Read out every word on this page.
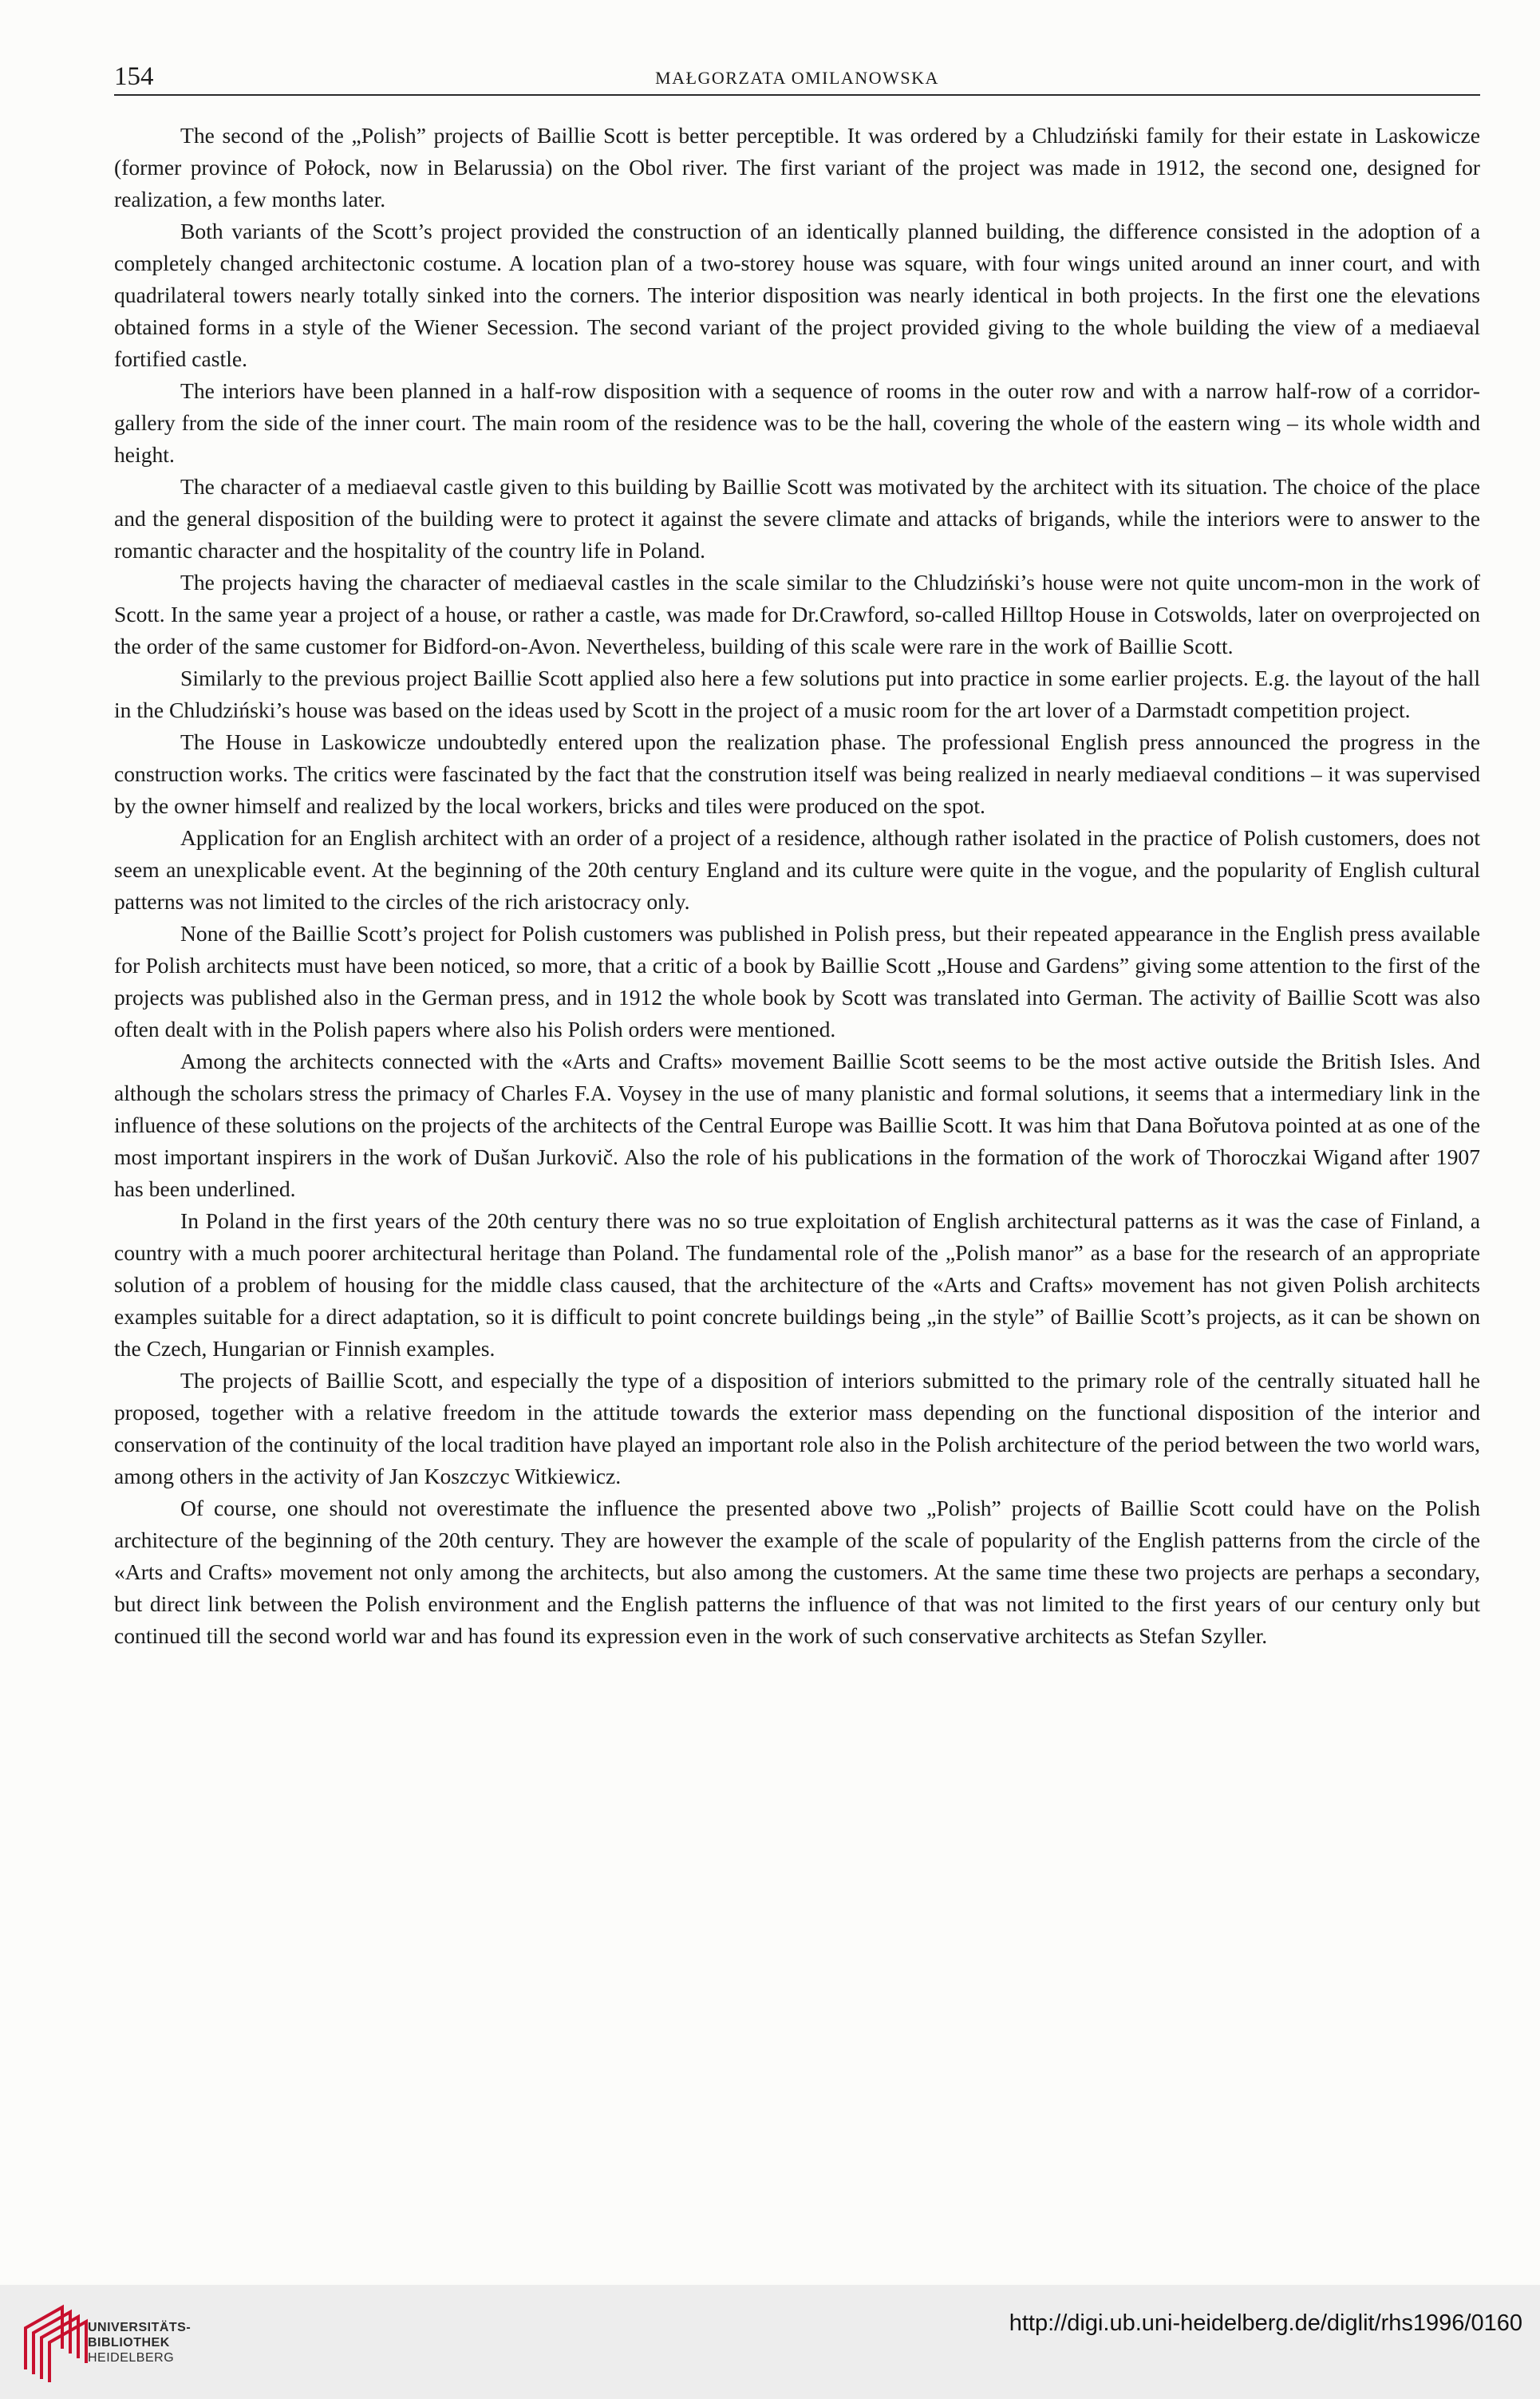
154	MAŁGORZATA OMILANOWSKA

The second of the „Polish” projects of Baillie Scott is better perceptible. It was ordered by a Chludziński family for their estate in Laskowicze (former province of Połock, now in Belarussia) on the Obol river. The first variant of the project was made in 1912, the second one, designed for realization, a few months later.

Both variants of the Scott’s project provided the construction of an identically planned building, the difference consisted in the adoption of a completely changed architectonic costume. A location plan of a two-storey house was square, with four wings united around an inner court, and with quadrilateral towers nearly totally sinked into the corners. The interior disposition was nearly identical in both projects. In the first one the elevations obtained forms in a style of the Wiener Secession. The second variant of the project provided giving to the whole building the view of a mediaeval fortified castle.

The interiors have been planned in a half-row disposition with a sequence of rooms in the outer row and with a narrow half-row of a corridor-gallery from the side of the inner court. The main room of the residence was to be the hall, covering the whole of the eastern wing – its whole width and height.

The character of a mediaeval castle given to this building by Baillie Scott was motivated by the architect with its situation. The choice of the place and the general disposition of the building were to protect it against the severe climate and attacks of brigands, while the interiors were to answer to the romantic character and the hospitality of the country life in Poland.

The projects having the character of mediaeval castles in the scale similar to the Chludziński’s house were not quite uncom-mon in the work of Scott. In the same year a project of a house, or rather a castle, was made for Dr.Crawford, so-called Hilltop House in Cotswolds, later on overprojected on the order of the same customer for Bidford-on-Avon. Nevertheless, building of this scale were rare in the work of Baillie Scott.

Similarly to the previous project Baillie Scott applied also here a few solutions put into practice in some earlier projects. E.g. the layout of the hall in the Chludziński’s house was based on the ideas used by Scott in the project of a music room for the art lover of a Darmstadt competition project.

The House in Laskowicze undoubtedly entered upon the realization phase. The professional English press announced the progress in the construction works. The critics were fascinated by the fact that the constrution itself was being realized in nearly mediaeval conditions – it was supervised by the owner himself and realized by the local workers, bricks and tiles were produced on the spot.

Application for an English architect with an order of a project of a residence, although rather isolated in the practice of Polish customers, does not seem an unexplicable event. At the beginning of the 20th century England and its culture were quite in the vogue, and the popularity of English cultural patterns was not limited to the circles of the rich aristocracy only.

None of the Baillie Scott’s project for Polish customers was published in Polish press, but their repeated appearance in the English press available for Polish architects must have been noticed, so more, that a critic of a book by Baillie Scott „House and Gardens” giving some attention to the first of the projects was published also in the German press, and in 1912 the whole book by Scott was translated into German. The activity of Baillie Scott was also often dealt with in the Polish papers where also his Polish orders were mentioned.

Among the architects connected with the «Arts and Crafts» movement Baillie Scott seems to be the most active outside the British Isles. And although the scholars stress the primacy of Charles F.A. Voysey in the use of many planistic and formal solutions, it seems that a intermediary link in the influence of these solutions on the projects of the architects of the Central Europe was Baillie Scott. It was him that Dana Bořutova pointed at as one of the most important inspirers in the work of Dušan Jurkovič. Also the role of his publications in the formation of the work of Thoroczkai Wigand after 1907 has been underlined.

In Poland in the first years of the 20th century there was no so true exploitation of English architectural patterns as it was the case of Finland, a country with a much poorer architectural heritage than Poland. The fundamental role of the „Polish manor” as a base for the research of an appropriate solution of a problem of housing for the middle class caused, that the architecture of the «Arts and Crafts» movement has not given Polish architects examples suitable for a direct adaptation, so it is difficult to point concrete buildings being „in the style” of Baillie Scott’s projects, as it can be shown on the Czech, Hungarian or Finnish examples.

The projects of Baillie Scott, and especially the type of a disposition of interiors submitted to the primary role of the centrally situated hall he proposed, together with a relative freedom in the attitude towards the exterior mass depending on the functional disposition of the interior and conservation of the continuity of the local tradition have played an important role also in the Polish architecture of the period between the two world wars, among others in the activity of Jan Koszczyc Witkiewicz.

Of course, one should not overestimate the influence the presented above two „Polish” projects of Baillie Scott could have on the Polish architecture of the beginning of the 20th century. They are however the example of the scale of popularity of the English patterns from the circle of the «Arts and Crafts» movement not only among the architects, but also among the customers. At the same time these two projects are perhaps a secondary, but direct link between the Polish environment and the English patterns the influence of that was not limited to the first years of our century only but continued till the second world war and has found its expression even in the work of such conservative architects as Stefan Szyller.

UNIVERSITÄTS-
BIBLIOTHEK
HEIDELBERG
http://digi.ub.uni-heidelberg.de/diglit/rhs1996/0160
